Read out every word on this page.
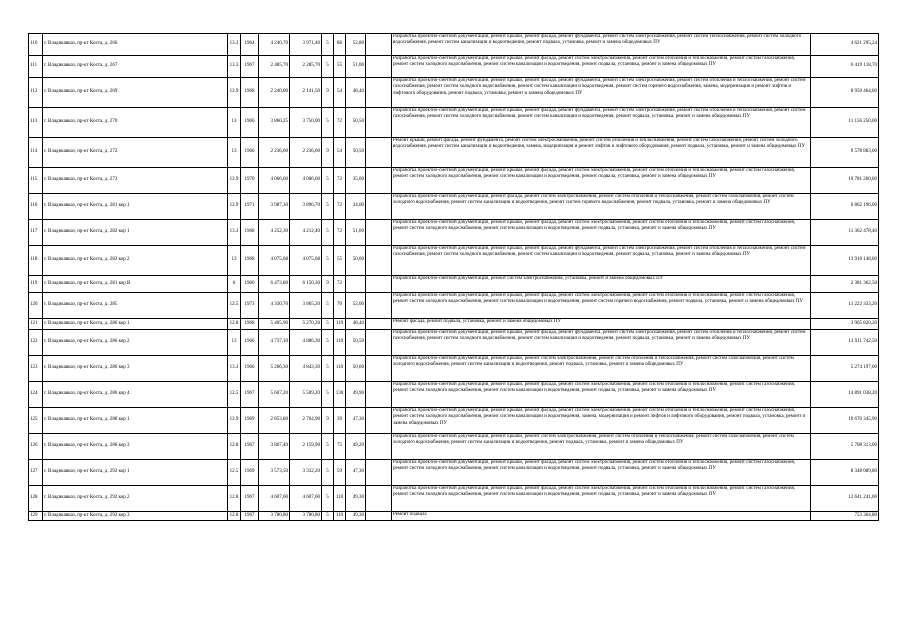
110	г. Владикавказ, пр-кт Коста, д. 266	13.3	1964	4 240,70	3 971,40	5	88	52,80		Разработка проектно-сметной документации, ремонт крыши, ремонт фасада, ремонт фундамента, ремонт систем электроснабжения, ремонт систем теплоснабжения, ремонт систем холодного водоснабжения, ремонт систем канализации и водоотведения, ремонт подвала, установка, ремонт и замена общедомовых ПУ	4 621 295,24
111	г. Владикавказ, пр-кт Коста, д. 267	13.3	1967	2 485,70	2 285,70	5	55	51,00		Разработка проектно-сметной документации, ремонт крыши, ремонт фасада, ремонт систем электроснабжения, ремонт систем отопления и теплоснабжения, ремонт систем газоснабжения, ремонт систем холодного водоснабжения, ремонт систем канализации и водоотведения, ремонт подвала, установка, ремонт и замена общедомовых ПУ	6 419 118,70
112	г. Владикавказ, пр-кт Коста, д. 269	12.9	1968	2 240,00	2 141,50	9	54	48,40		Разработка проектно-сметной документации, ремонт крыши, ремонт фасада, ремонт фундамента, ремонт систем электроснабжения, ремонт систем отопления и теплоснабжения, ремонт систем газоснабжения, ремонт систем холодного водоснабжения, ремонт систем канализации и водоотведения, ремонт систем горячего водоснабжения, замена, модернизация и ремонт лифтов и лифтового оборудования, ремонт подвала, установка, ремонт и замена общедомовых ПУ	8 950 464,00
113	г. Владикавказ, пр-кт Коста, д. 270	13	1966	3 860,25	3 750,00	5	72	50,50		Разработка проектно-сметной документации, ремонт крыши, ремонт фасада, ремонт фундамента, ремонт систем электроснабжения, ремонт систем отопления и теплоснабжения, ремонт систем газоснабжения, ремонт систем холодного водоснабжения, ремонт систем канализации и водоотведения, ремонт подвала, установка, ремонт и замена общедомовых ПУ	11 156 250,00
114	г. Владикавказ, пр-кт Коста, д. 272	13	1966	2 236,60	2 236,60	9	54	50,50		Ремонт крыши, ремонт фасада, ремонт фундамента, ремонт систем электроснабжения, ремонт систем отопления и теплоснабжения, ремонт систем газоснабжения, ремонт систем холодного водоснабжения, ремонт систем канализации и водоотведения, замена, модернизация и ремонт лифтов и лифтового оборудования, ремонт подвала, установка, ремонт и замена общедомовых ПУ	9 578 883,00
115	г. Владикавказ, пр-кт Коста, д. 273	12.9	1970	4 066,60	4 006,60	5	72	35,00		Разработка проектно-сметной документации, ремонт крыши, ремонт фасада, ремонт систем электроснабжения, ремонт систем отопления и теплоснабжения, ремонт систем газоснабжения, ремонт систем холодного водоснабжения, ремонт систем канализации и водоотведения, ремонт подвала, установка, ремонт и замена общедомовых ПУ	10 781 260,00
116	г. Владикавказ, пр-кт Коста, д. 281 кор 1	12.9	1971	3 987,30	3 896,70	5	72	34,00		Разработка проектно-сметной документации, ремонт фасада, ремонт систем электроснабжения, ремонт систем отопления и теплоснабжения, ремонт систем газоснабжения, ремонт систем холодного водоснабжения, ремонт систем канализации и водоотведения, ремонт систем горячего водоснабжения, ремонт подвала, установка, ремонт и замена общедомовых ПУ	6 862 196,00
117	г. Владикавказ, пр-кт Коста, д. 282 кор 1	13.3	1968	4 252,30	4 212,40	5	72	51,00		Разработка проектно-сметной документации, ремонт крыши, ремонт фасада, ремонт систем электроснабжения, ремонт систем отопления и теплоснабжения, ремонт систем газоснабжения, ремонт систем холодного водоснабжения, ремонт систем канализации и водоотведения, ремонт подвала, установка, ремонт и замена общедомовых ПУ	11 362 478,40
118	г. Владикавказ, пр-кт Коста, д. 282 кор 2	13	1968	4 075,68	4 075,68	5	55	50,00		Разработка проектно-сметной документации, ремонт крыши, ремонт фасада, ремонт фундамента, ремонт систем электроснабжения, ремонт систем отопления и теплоснабжения, ремонт систем газоснабжения, ремонт систем холодного водоснабжения, ремонт систем канализации и водоотведения, ремонт подвала, установка, ремонт и замена общедомовых ПУ	13 910 148,00
119	г. Владикавказ, пр-кт Коста, д. 281 кор В	6	1960	6 473,80	6 150,30	9	72			Разработка проектно-сметной документации, ремонт систем электроснабжения, установка, ремонт и замена общедомовых ПУ	2 381 362,50
120	г. Владикавказ, пр-кт Коста, д. 285	12.5	1973	4 330,70	3 865,20	5	70	52,00		Разработка проектно-сметной документации, ремонт крыши, ремонт фасада, ремонт систем электроснабжения, ремонт систем отопления и теплоснабжения, ремонт систем газоснабжения, ремонт систем холодного водоснабжения, ремонт систем канализации и водоотведения, ремонт систем горячего водоснабжения, ремонт подвала, установка, ремонт и замена общедомовых ПУ	11 222 333,20
121	г. Владикавказ, пр-кт Коста, д. 286 кор 1	12.8	1968	5 405,90	5 270,28	5	119	48,40		Ремонт фасада, ремонт подвала, установка, ремонт и замена общедомовых ПУ	3 905 820,20
122	г. Владикавказ, пр-кт Коста, д. 286 кор 2	13	1966	4 737,10	4 886,30	5	110	50,50		Разработка проектно-сметной документации, ремонт крыши, ремонт фасада, ремонт фундамента, ремонт систем электроснабжения, ремонт систем отопления и теплоснабжения, ремонт систем газоснабжения, ремонт систем холодного водоснабжения, ремонт систем канализации и водоотведения, ремонт подвала, установка, ремонт и замена общедомовых ПУ	13 911 742,50
123	г. Владикавказ, пр-кт Коста, д. 286 кор 3	13.3	1966	5 266,30	4 843,30	5	110	50,60		Разработка проектно-сметной документации, ремонт крыши, ремонт систем электроснабжения, ремонт систем отопления и теплоснабжения, ремонт систем газоснабжения, ремонт систем холодного водоснабжения, ремонт систем канализации и водоотведения, ремонт подвала, установка, ремонт и замена общедомовых ПУ	5 274 197,00
124	г. Владикавказ, пр-кт Коста, д. 286 кор 4	12.5	1967	5 667,20	5 509,20	5	130	49,90		Разработка проектно-сметной документации, ремонт крыши, ремонт фасада, ремонт систем электроснабжения, ремонт систем отопления и теплоснабжения, ремонт систем газоснабжения, ремонт систем холодного водоснабжения, ремонт систем канализации и водоотведения, ремонт подвала, установка, ремонт и замена общедомовых ПУ	14 891 038,20
125	г. Владикавказ, пр-кт Коста, д. 288 кор 1	12.9	1969	2 853,80	2 764,90	9	39	47,30		Разработка проектно-сметной документации, ремонт крыши, ремонт фасада, ремонт систем электроснабжения, ремонт систем отопления и теплоснабжения, ремонт систем газоснабжения, ремонт систем холодного водоснабжения, ремонт систем канализации и водоотведения, замена, модернизация и ремонт лифтов и лифтового оборудования, ремонт подвала, установка, ремонт и замена общедомовых ПУ	10 670 345,90
126	г. Владикавказ, пр-кт Коста, д. 288 кор 3	12.8	1967	3 867,40	2 159,90	5	75	49,20		Разработка проектно-сметной документации, ремонт крыши, ремонт систем электроснабжения, ремонт систем отопления и теплоснабжения, ремонт систем газоснабжения, ремонт систем холодного водоснабжения, ремонт систем канализации и водоотведения, ремонт подвала, установка, ремонт и замена общедомовых ПУ	5 708 313,00
127	г. Владикавказ, пр-кт Коста, д. 292 кор 1	12.5	1969	3 573,50	3 332,20	5	59	47,30		Разработка проектно-сметной документации, ремонт крыши, ремонт фасада, ремонт систем электроснабжения, ремонт систем отопления и теплоснабжения, ремонт систем газоснабжения, ремонт систем холодного водоснабжения, ремонт систем канализации и водоотведения, ремонт подвала, установка, ремонт и замена общедомовых ПУ	8 348 089,80
128	г. Владикавказ, пр-кт Коста, д. 292 кор 2	12.8	1967	4 607,60	4 607,60	5	110	49,30		Разработка проектно-сметной документации, ремонт крыши, ремонт фасада, ремонт систем электроснабжения, ремонт систем отопления и теплоснабжения, ремонт систем газоснабжения, ремонт систем холодного водоснабжения, ремонт систем канализации и водоотведения, ремонт подвала, установка, ремонт и замена общедомовых ПУ	12 641 241,60
129	г. Владикавказ, пр-кт Коста, д. 292 кор 3	12.8	1967	3 780,80	3 780,80	5	110	49,30		Ремонт подвала	753 364,80
